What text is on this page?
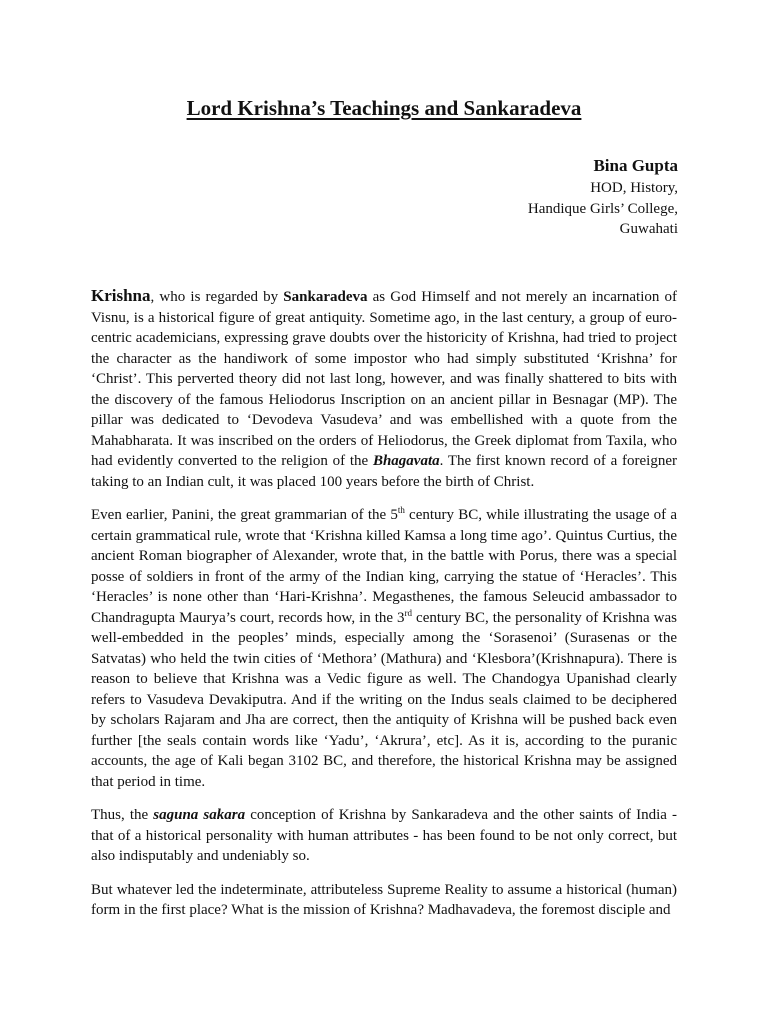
Lord Krishna’s Teachings and Sankaradeva
Bina Gupta
HOD, History,
Handique Girls’ College,
Guwahati

Krishna, who is regarded by Sankaradeva as God Himself and not merely an incarnation of Visnu, is a historical figure of great antiquity. Sometime ago, in the last century, a group of euro-centric academicians, expressing grave doubts over the historicity of Krishna, had tried to project the character as the handiwork of some impostor who had simply substituted ‘Krishna’ for ‘Christ’. This perverted theory did not last long, however, and was finally shattered to bits with the discovery of the famous Heliodorus Inscription on an ancient pillar in Besnagar (MP). The pillar was dedicated to ‘Devodeva Vasudeva’ and was embellished with a quote from the Mahabharata. It was inscribed on the orders of Heliodorus, the Greek diplomat from Taxila, who had evidently converted to the religion of the Bhagavata. The first known record of a foreigner taking to an Indian cult, it was placed 100 years before the birth of Christ.

Even earlier, Panini, the great grammarian of the 5th century BC, while illustrating the usage of a certain grammatical rule, wrote that ‘Krishna killed Kamsa a long time ago’. Quintus Curtius, the ancient Roman biographer of Alexander, wrote that, in the battle with Porus, there was a special posse of soldiers in front of the army of the Indian king, carrying the statue of ‘Heracles’. This ‘Heracles’ is none other than ‘Hari-Krishna’. Megasthenes, the famous Seleucid ambassador to Chandragupta Maurya’s court, records how, in the 3rd century BC, the personality of Krishna was well-embedded in the peoples’ minds, especially among the ‘Sorasenoi’ (Surasenas or the Satvatas) who held the twin cities of ‘Methora’ (Mathura) and ‘Klesbora’(Krishnapura). There is reason to believe that Krishna was a Vedic figure as well. The Chandogya Upanishad clearly refers to Vasudeva Devakiputra. And if the writing on the Indus seals claimed to be deciphered by scholars Rajaram and Jha are correct, then the antiquity of Krishna will be pushed back even further [the seals contain words like ‘Yadu’, ‘Akrura’, etc]. As it is, according to the puranic accounts, the age of Kali began 3102 BC, and therefore, the historical Krishna may be assigned that period in time.

Thus, the saguna sakara conception of Krishna by Sankaradeva and the other saints of India - that of a historical personality with human attributes - has been found to be not only correct, but also indisputably and undeniably so.

But whatever led the indeterminate, attributeless Supreme Reality to assume a historical (human) form in the first place? What is the mission of Krishna? Madhavadeva, the foremost disciple and
